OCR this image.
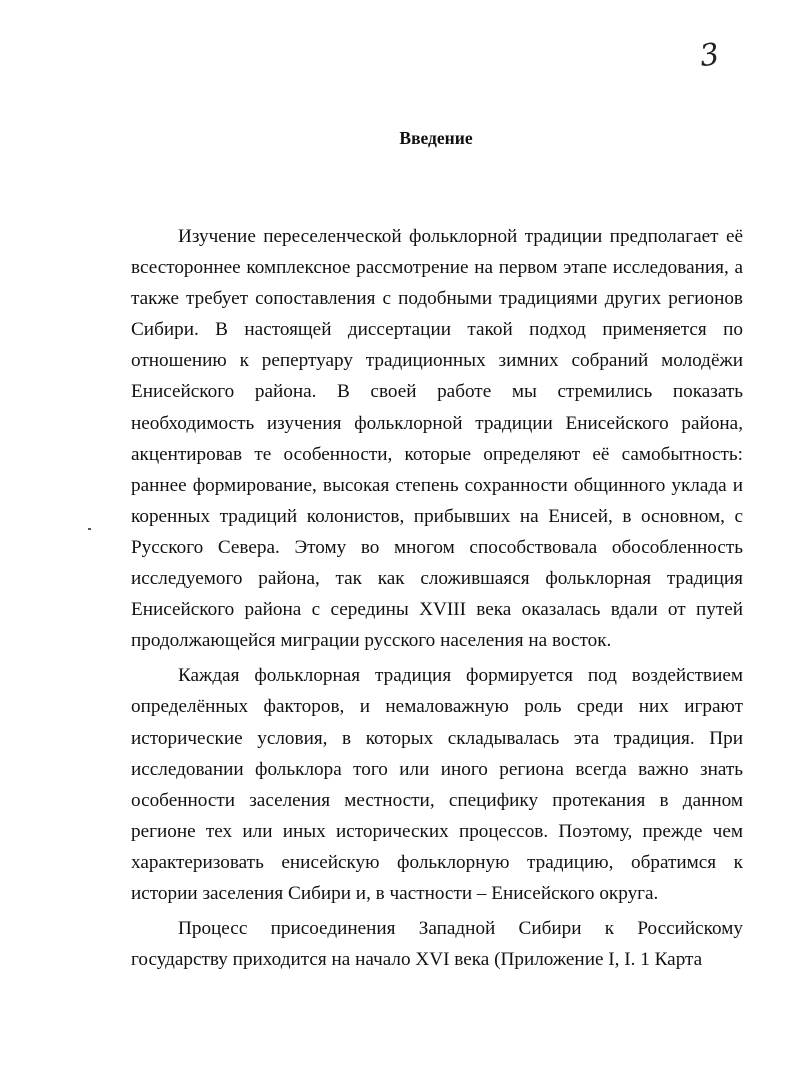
3
Введение
Изучение переселенческой фольклорной традиции предполагает её
всестороннее комплексное рассмотрение на первом этапе исследования, а
также требует сопоставления с подобными традициями других регионов
Сибири. В настоящей диссертации такой подход применяется по
отношению к репертуару традиционных зимних собраний молодёжи
Енисейского района. В своей работе мы стремились показать
необходимость изучения фольклорной традиции Енисейского района,
акцентировав те особенности, которые определяют её самобытность:
раннее формирование, высокая степень сохранности общинного уклада и
коренных традиций колонистов, прибывших на Енисей, в основном, с
Русского Севера. Этому во многом способствовала обособленность
исследуемого района, так как сложившаяся фольклорная традиция
Енисейского района с середины XVIII века оказалась вдали от путей
продолжающейся миграции русского населения на восток.
Каждая фольклорная традиция формируется под воздействием
определённых факторов, и немаловажную роль среди них играют
исторические условия, в которых складывалась эта традиция. При
исследовании фольклора того или иного региона всегда важно знать
особенности заселения местности, специфику протекания в данном
регионе тех или иных исторических процессов. Поэтому, прежде чем
характеризовать енисейскую фольклорную традицию, обратимся к
истории заселения Сибири и, в частности – Енисейского округа.
Процесс присоединения Западной Сибири к Российскому
государству приходится на начало XVI века (Приложение I, I. 1 Карта
